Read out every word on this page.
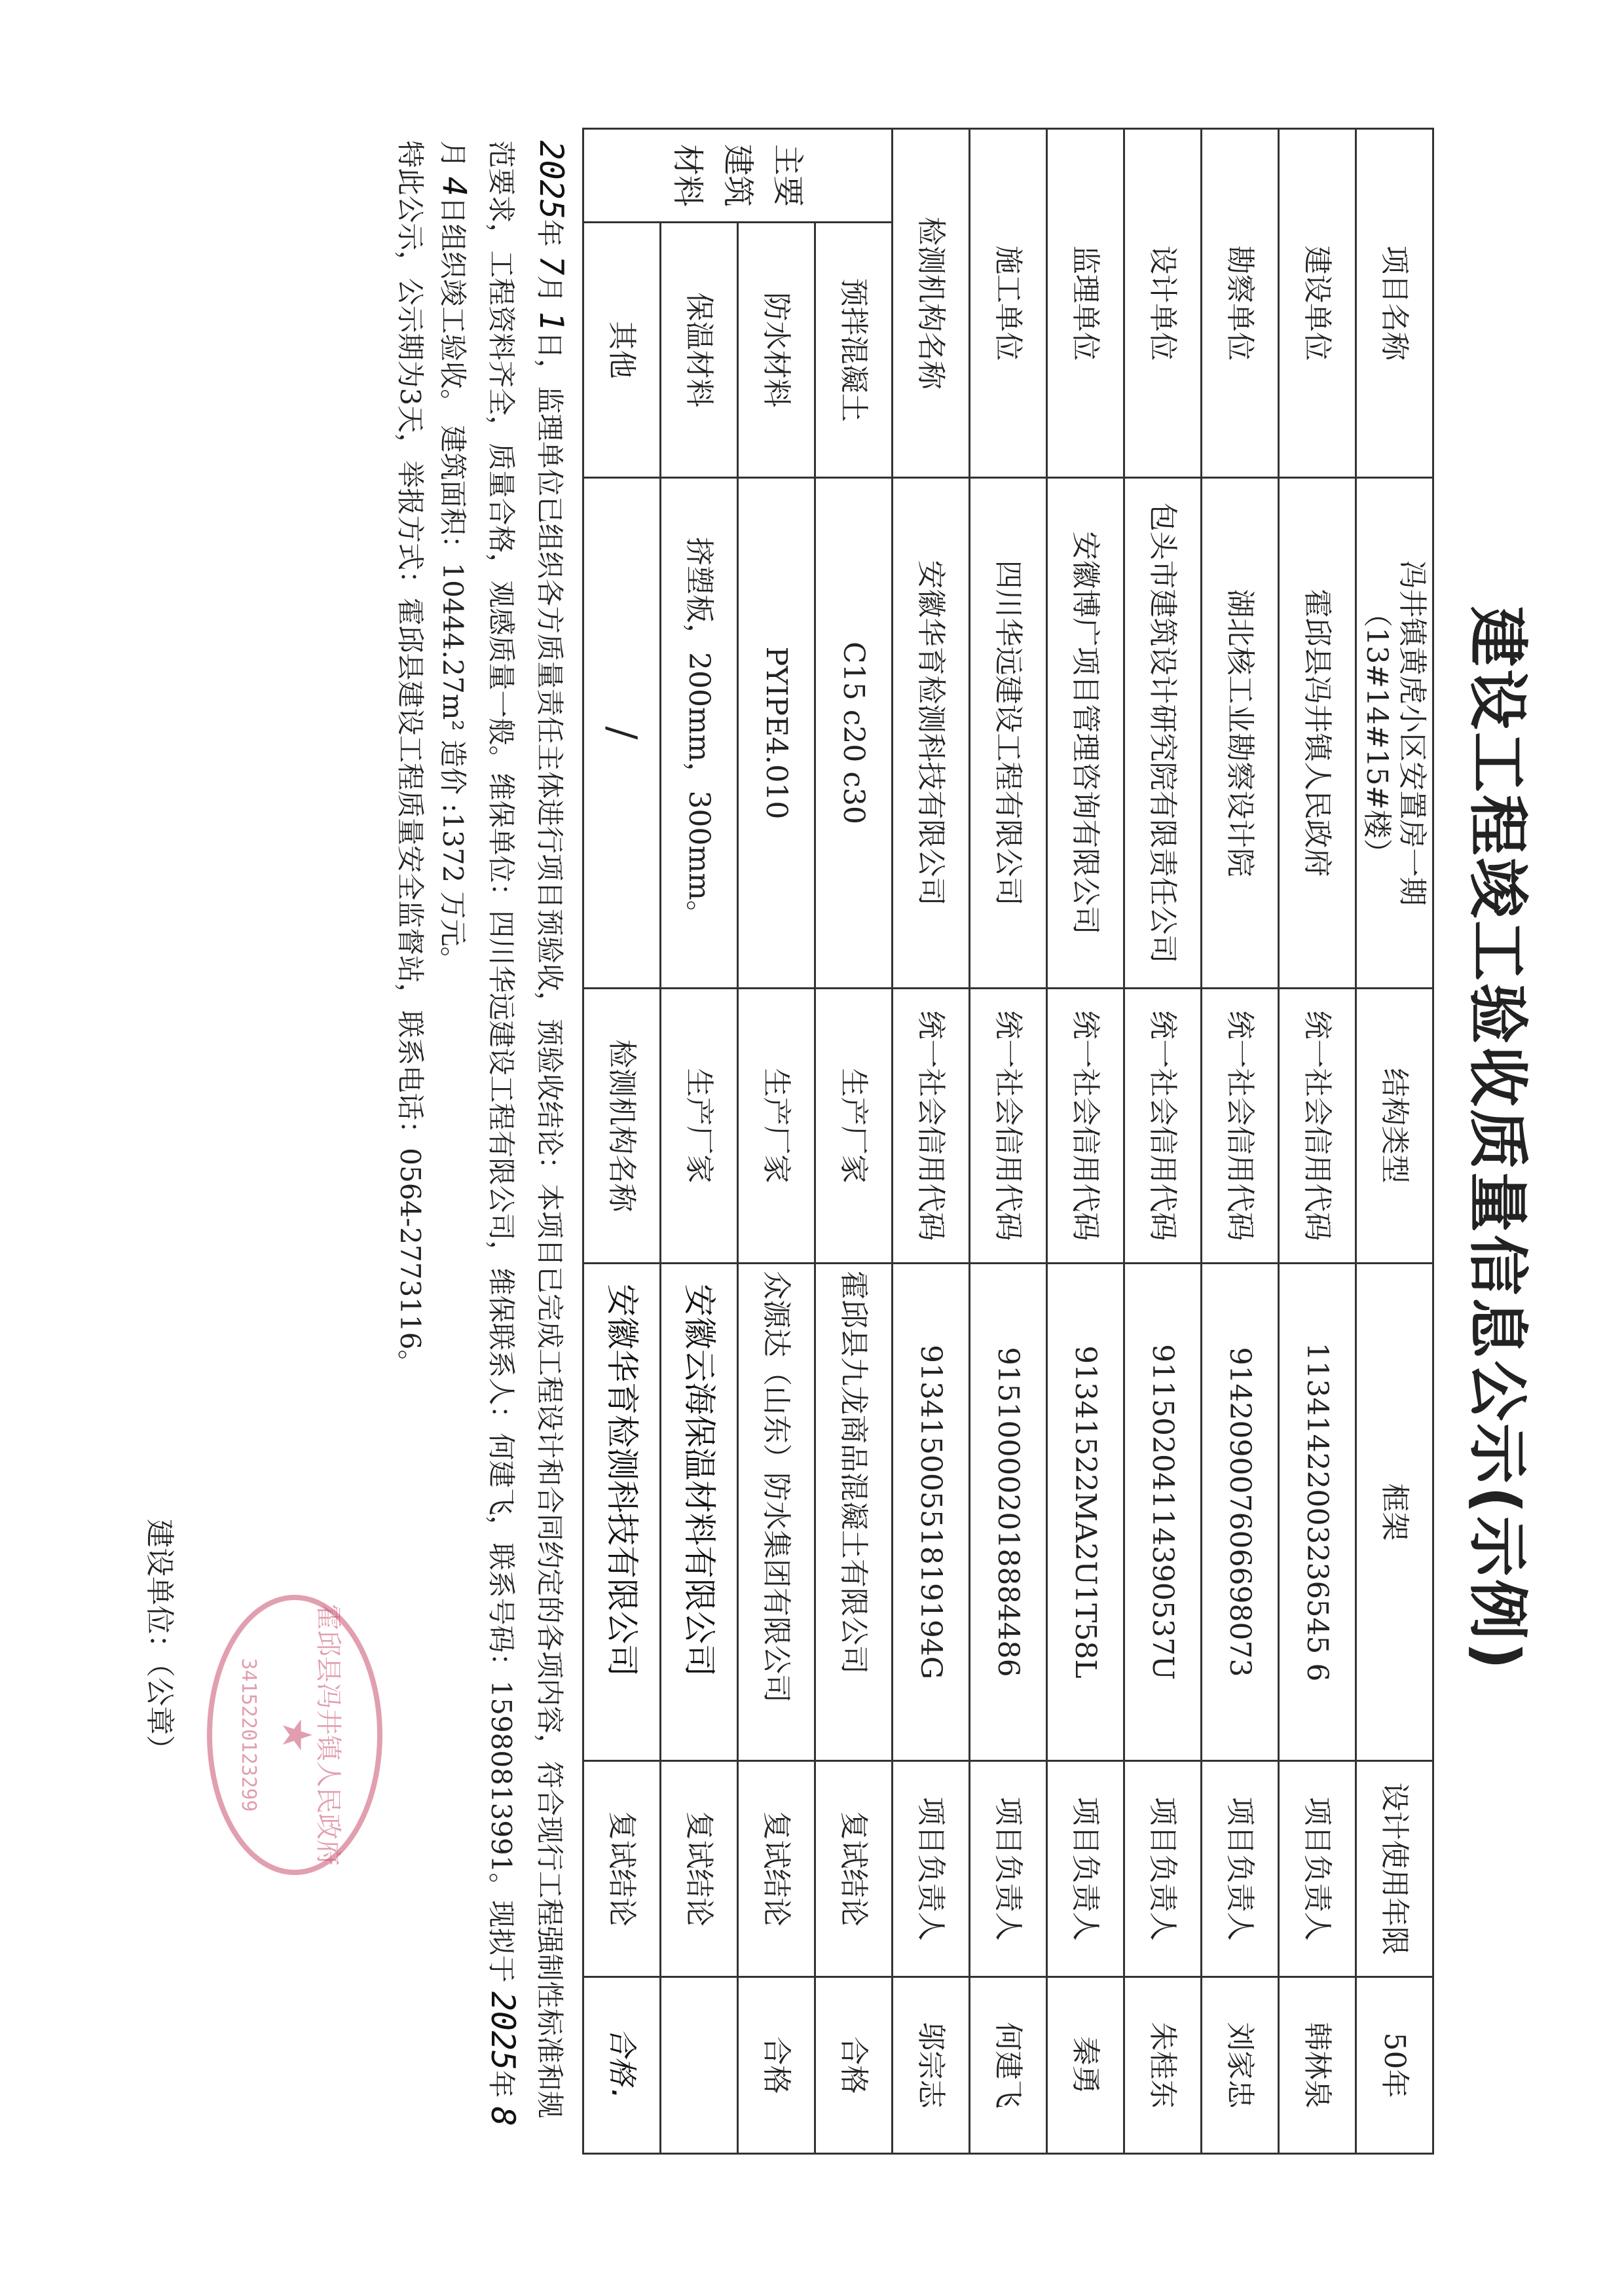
建设工程竣工验收质量信息公示(示例)
项目名称		冯井镇黄虎小区安置房一期（13#14#15#楼）	结构类型	框架	设计使用年限	50年
建设单位		霍邱县冯井镇人民政府	统一社会信用代码	11341422003236545 6	项目负责人	韩林泉
勘察单位		湖北核工业勘察设计院	统一社会信用代码	914209007606698073	项目负责人	刘家忠
设计单位		包头市建筑设计研究院有限责任公司	统一社会信用代码	91150204114390537U	项目负责人	朱桂东
监理单位		安徽博广项目管理咨询有限公司	统一社会信用代码	91341522MA2U1T58L	项目负责人	秦勇
施工单位		四川华远建设工程有限公司	统一社会信用代码	915100002018884486	项目负责人	何建飞
检测机构名称		安徽华育检测科技有限公司	统一社会信用代码	91341500551819194G	项目负责人	邬宗志
主要建筑材料	预拌混凝土	C15 c20 c30	生产厂家	霍邱县九龙商品混凝土有限公司	复试结论	合格
	防水材料	PYIPE4.010	生产厂家	众源达（山东）防水集团有限公司	复试结论	合格
	保温材料	挤塑板，200mm，300mm。	生产厂家	安徽云海保温材料有限公司	复试结论	
	其他	/	检测机构名称	安徽华育检测科技有限公司	复试结论	合格.
2025年 7月 1日，监理单位已组织各方质量责任主体进行项目预验收，预验收结论：本项目已完成工程设计和合同约定的各项内容，符合现行工程强制性标准和规范要求，工程资料齐全，质量合格，观感质量一般。维保单位：四川华远建设工程有限公司，维保联系人：何建飞，联系号码：15980813991。现拟于 2025年 8月 4日组织竣工验收。 建筑面积：10444.27m² 造价 :1372 万元。
特此公示，公示期为3天，举报方式：霍邱县建设工程质量安全监督站，联系电话：0564-2773116。						
建设单位：（公章）	霍邱县冯井镇人民政府
★
3415220123299
